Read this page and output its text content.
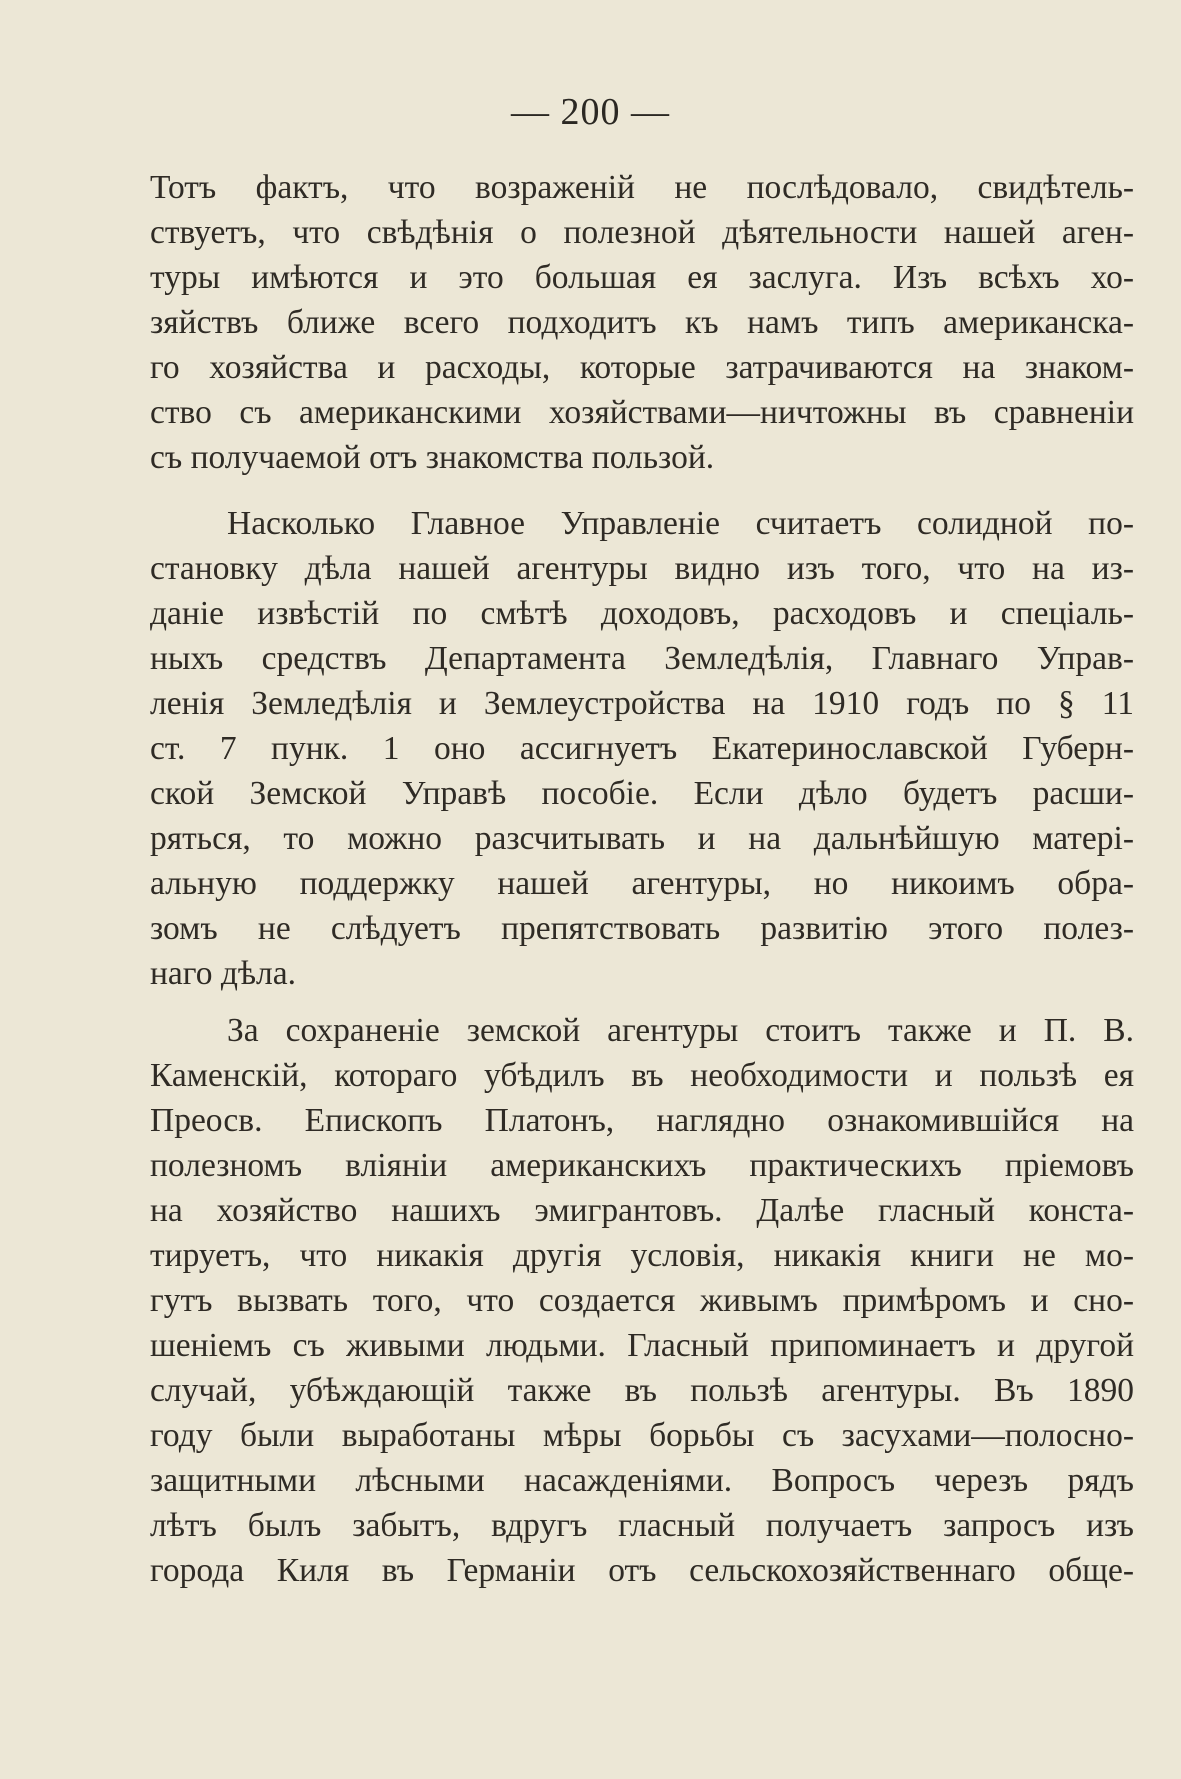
— 200 —
Тотъ фактъ, что возраженій не послѣдовало, свидѣтель-
ствуетъ, что свѣдѣнія о полезной дѣятельности нашей аген-
туры имѣются и это большая ея заслуга. Изъ всѣхъ хо-
зяйствъ ближе всего подходитъ къ намъ типъ американска-
го хозяйства и расходы, которые затрачиваются на знаком-
ство съ американскими хозяйствами—ничтожны въ сравненіи
съ получаемой отъ знакомства пользой.
Насколько Главное Управленіе считаетъ солидной по-
становку дѣла нашей агентуры видно изъ того, что на из-
даніе извѣстій по смѣтѣ доходовъ, расходовъ и спеціаль-
ныхъ средствъ Департамента Земледѣлія, Главнаго Управ-
ленія Земледѣлія и Землеустройства на 1910 годъ по § 11
ст. 7 пунк. 1 оно ассигнуетъ Екатеринославской Губерн-
ской Земской Управѣ пособіе. Если дѣло будетъ расши-
ряться, то можно разсчитывать и на дальнѣйшую матері-
альную поддержку нашей агентуры, но никоимъ обра-
зомъ не слѣдуетъ препятствовать развитію этого полез-
наго дѣла.
За сохраненіе земской агентуры стоитъ также и П. В.
Каменскій, котораго убѣдилъ въ необходимости и пользѣ ея
Преосв. Епископъ Платонъ, наглядно ознакомившійся на
полезномъ вліяніи американскихъ практическихъ пріемовъ
на хозяйство нашихъ эмигрантовъ. Далѣе гласный конста-
тируетъ, что никакія другія условія, никакія книги не мо-
гутъ вызвать того, что создается живымъ примѣромъ и сно-
шеніемъ съ живыми людьми. Гласный припоминаетъ и другой
случай, убѣждающій также въ пользѣ агентуры. Въ 1890
году были выработаны мѣры борьбы съ засухами—полосно-
защитными лѣсными насажденіями. Вопросъ черезъ рядъ
лѣтъ былъ забытъ, вдругъ гласный получаетъ запросъ изъ
города Киля въ Германіи отъ сельскохозяйственнаго обще-
